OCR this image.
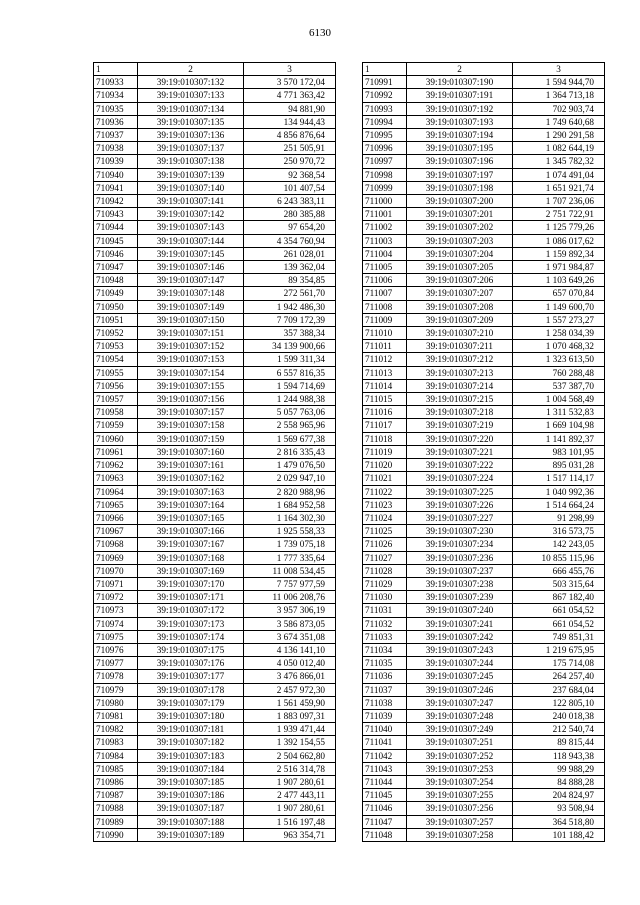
6130
1	2	3
710933	39:19:010307:132	3 570 172,04
710934	39:19:010307:133	4 771 363,42
710935	39:19:010307:134	94 881,90
710936	39:19:010307:135	134 944,43
710937	39:19:010307:136	4 856 876,64
710938	39:19:010307:137	251 505,91
710939	39:19:010307:138	250 970,72
710940	39:19:010307:139	92 368,54
710941	39:19:010307:140	101 407,54
710942	39:19:010307:141	6 243 383,11
710943	39:19:010307:142	280 385,88
710944	39:19:010307:143	97 654,20
710945	39:19:010307:144	4 354 760,94
710946	39:19:010307:145	261 028,01
710947	39:19:010307:146	139 362,04
710948	39:19:010307:147	89 354,85
710949	39:19:010307:148	272 561,70
710950	39:19:010307:149	1 942 486,30
710951	39:19:010307:150	7 709 172,39
710952	39:19:010307:151	357 388,34
710953	39:19:010307:152	34 139 900,66
710954	39:19:010307:153	1 599 311,34
710955	39:19:010307:154	6 557 816,35
710956	39:19:010307:155	1 594 714,69
710957	39:19:010307:156	1 244 988,38
710958	39:19:010307:157	5 057 763,06
710959	39:19:010307:158	2 558 965,96
710960	39:19:010307:159	1 569 677,38
710961	39:19:010307:160	2 816 335,43
710962	39:19:010307:161	1 479 076,50
710963	39:19:010307:162	2 029 947,10
710964	39:19:010307:163	2 820 988,96
710965	39:19:010307:164	1 684 952,58
710966	39:19:010307:165	1 164 302,30
710967	39:19:010307:166	1 925 558,33
710968	39:19:010307:167	1 739 075,18
710969	39:19:010307:168	1 777 335,64
710970	39:19:010307:169	11 008 534,45
710971	39:19:010307:170	7 757 977,59
710972	39:19:010307:171	11 006 208,76
710973	39:19:010307:172	3 957 306,19
710974	39:19:010307:173	3 586 873,05
710975	39:19:010307:174	3 674 351,08
710976	39:19:010307:175	4 136 141,10
710977	39:19:010307:176	4 050 012,40
710978	39:19:010307:177	3 476 866,01
710979	39:19:010307:178	2 457 972,30
710980	39:19:010307:179	1 561 459,90
710981	39:19:010307:180	1 883 097,31
710982	39:19:010307:181	1 939 471,44
710983	39:19:010307:182	1 392 154,55
710984	39:19:010307:183	2 504 662,80
710985	39:19:010307:184	2 516 314,78
710986	39:19:010307:185	1 907 280,61
710987	39:19:010307:186	2 477 443,11
710988	39:19:010307:187	1 907 280,61
710989	39:19:010307:188	1 516 197,48
710990	39:19:010307:189	963 354,71
1	2	3
710991	39:19:010307:190	1 594 944,70
710992	39:19:010307:191	1 364 713,18
710993	39:19:010307:192	702 903,74
710994	39:19:010307:193	1 749 640,68
710995	39:19:010307:194	1 290 291,58
710996	39:19:010307:195	1 082 644,19
710997	39:19:010307:196	1 345 782,32
710998	39:19:010307:197	1 074 491,04
710999	39:19:010307:198	1 651 921,74
711000	39:19:010307:200	1 707 236,06
711001	39:19:010307:201	2 751 722,91
711002	39:19:010307:202	1 125 779,26
711003	39:19:010307:203	1 086 017,62
711004	39:19:010307:204	1 159 892,34
711005	39:19:010307:205	1 971 984,87
711006	39:19:010307:206	1 103 649,26
711007	39:19:010307:207	657 070,84
711008	39:19:010307:208	1 149 600,70
711009	39:19:010307:209	1 557 273,27
711010	39:19:010307:210	1 258 034,39
711011	39:19:010307:211	1 070 468,32
711012	39:19:010307:212	1 323 613,50
711013	39:19:010307:213	760 288,48
711014	39:19:010307:214	537 387,70
711015	39:19:010307:215	1 004 568,49
711016	39:19:010307:218	1 311 532,83
711017	39:19:010307:219	1 669 104,98
711018	39:19:010307:220	1 141 892,37
711019	39:19:010307:221	983 101,95
711020	39:19:010307:222	895 031,28
711021	39:19:010307:224	1 517 114,17
711022	39:19:010307:225	1 040 992,36
711023	39:19:010307:226	1 514 664,24
711024	39:19:010307:227	91 298,99
711025	39:19:010307:230	316 573,75
711026	39:19:010307:234	142 243,05
711027	39:19:010307:236	10 855 115,96
711028	39:19:010307:237	666 455,76
711029	39:19:010307:238	503 315,64
711030	39:19:010307:239	867 182,40
711031	39:19:010307:240	661 054,52
711032	39:19:010307:241	661 054,52
711033	39:19:010307:242	749 851,31
711034	39:19:010307:243	1 219 675,95
711035	39:19:010307:244	175 714,08
711036	39:19:010307:245	264 257,40
711037	39:19:010307:246	237 684,04
711038	39:19:010307:247	122 805,10
711039	39:19:010307:248	240 018,38
711040	39:19:010307:249	212 540,74
711041	39:19:010307:251	89 815,44
711042	39:19:010307:252	118 943,38
711043	39:19:010307:253	99 988,29
711044	39:19:010307:254	84 888,28
711045	39:19:010307:255	204 824,97
711046	39:19:010307:256	93 508,94
711047	39:19:010307:257	364 518,80
711048	39:19:010307:258	101 188,42
